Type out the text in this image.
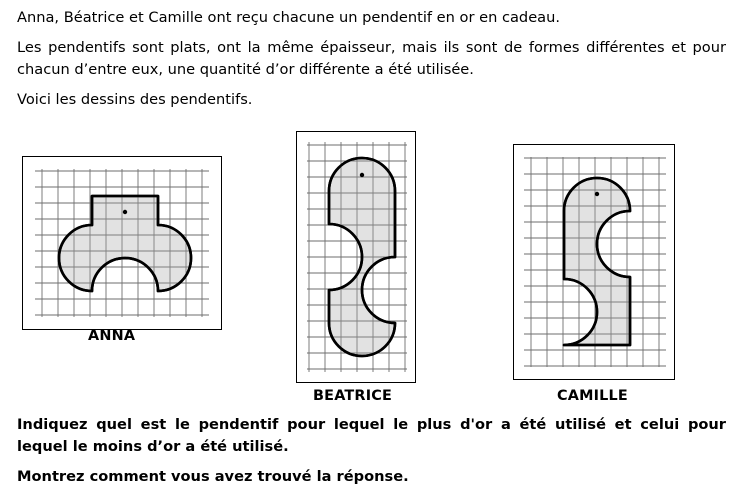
Anna, Béatrice et Camille ont reçu chacune un pendentif en or en cadeau.

Les pendentifs sont plats, ont la même épaisseur, mais ils sont de formes différentes et pour chacun d’entre eux, une quantité d’or différente a été utilisée.

Voici les dessins des pendentifs.

ANNA
BEATRICE	CAMILLE

Indiquez quel est le pendentif pour lequel le plus d'or a été utilisé et celui pour lequel le moins d’or a été utilisé.

Montrez comment vous avez trouvé la réponse.
